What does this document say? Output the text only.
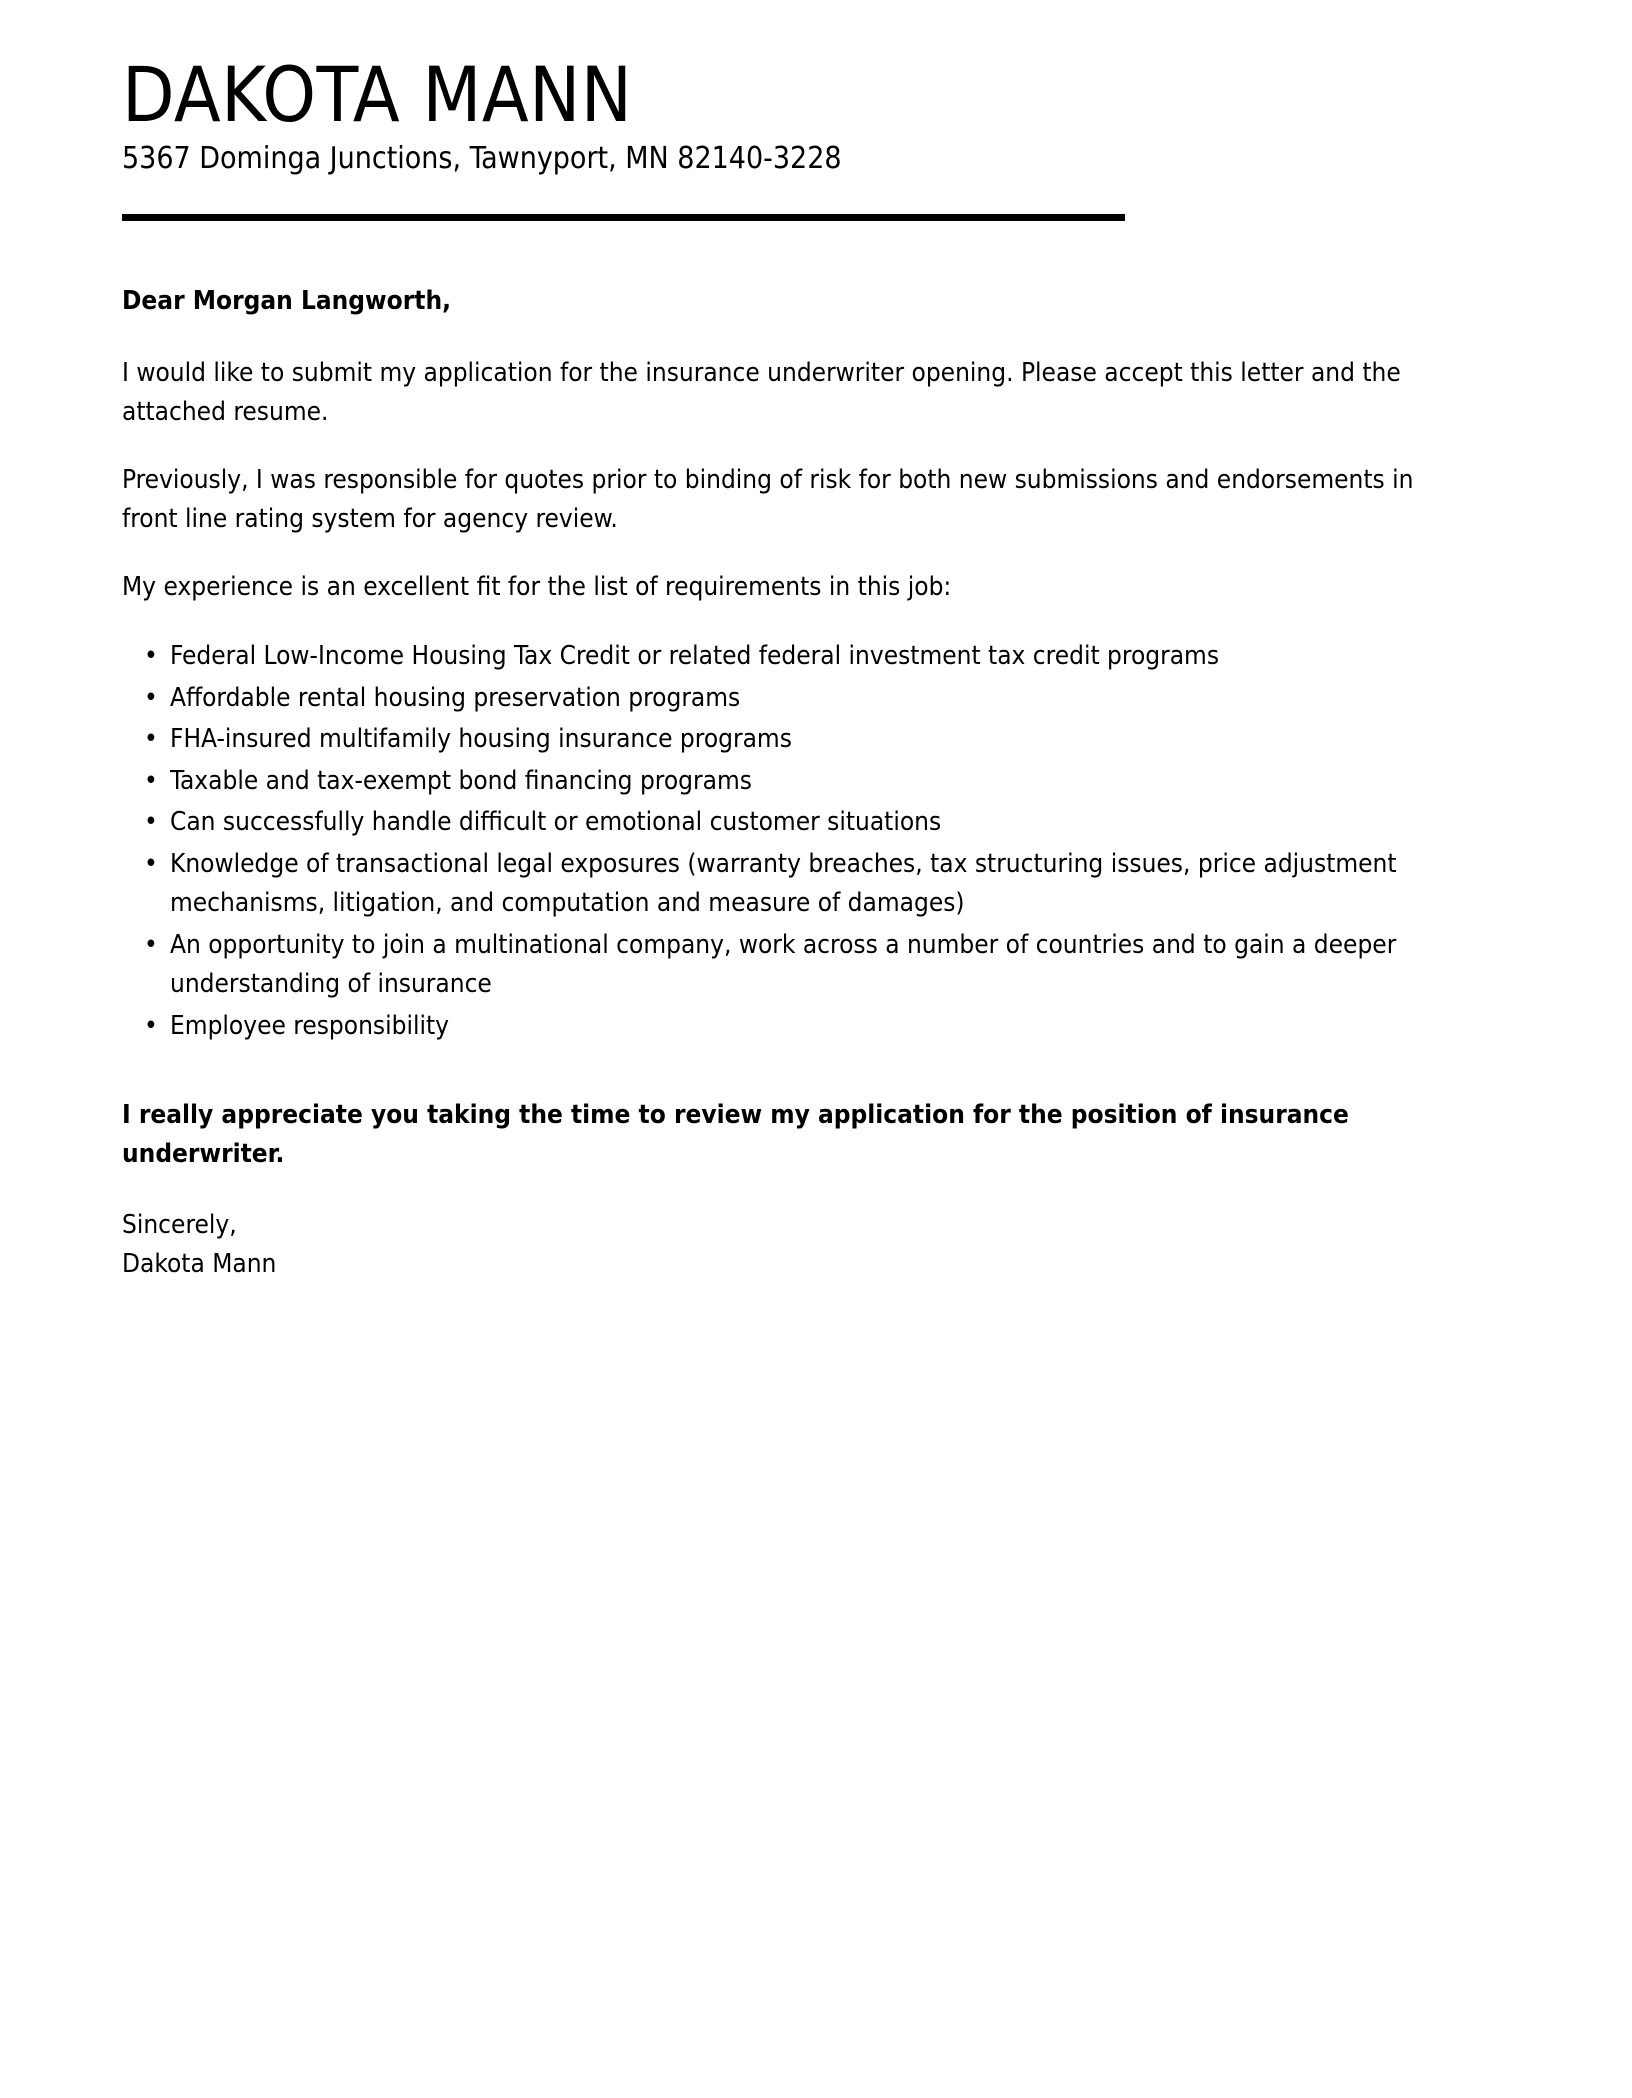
DAKOTA MANN
5367 Dominga Junctions, Tawnyport, MN 82140-3228

Dear Morgan Langworth,

I would like to submit my application for the insurance underwriter opening. Please accept this letter and the attached resume.

Previously, I was responsible for quotes prior to binding of risk for both new submissions and endorsements in front line rating system for agency review.

My experience is an excellent fit for the list of requirements in this job:

• Federal Low-Income Housing Tax Credit or related federal investment tax credit programs
• Affordable rental housing preservation programs
• FHA-insured multifamily housing insurance programs
• Taxable and tax-exempt bond financing programs
• Can successfully handle difficult or emotional customer situations
• Knowledge of transactional legal exposures (warranty breaches, tax structuring issues, price adjustment mechanisms, litigation, and computation and measure of damages)
• An opportunity to join a multinational company, work across a number of countries and to gain a deeper understanding of insurance
• Employee responsibility

I really appreciate you taking the time to review my application for the position of insurance underwriter.

Sincerely,
Dakota Mann
